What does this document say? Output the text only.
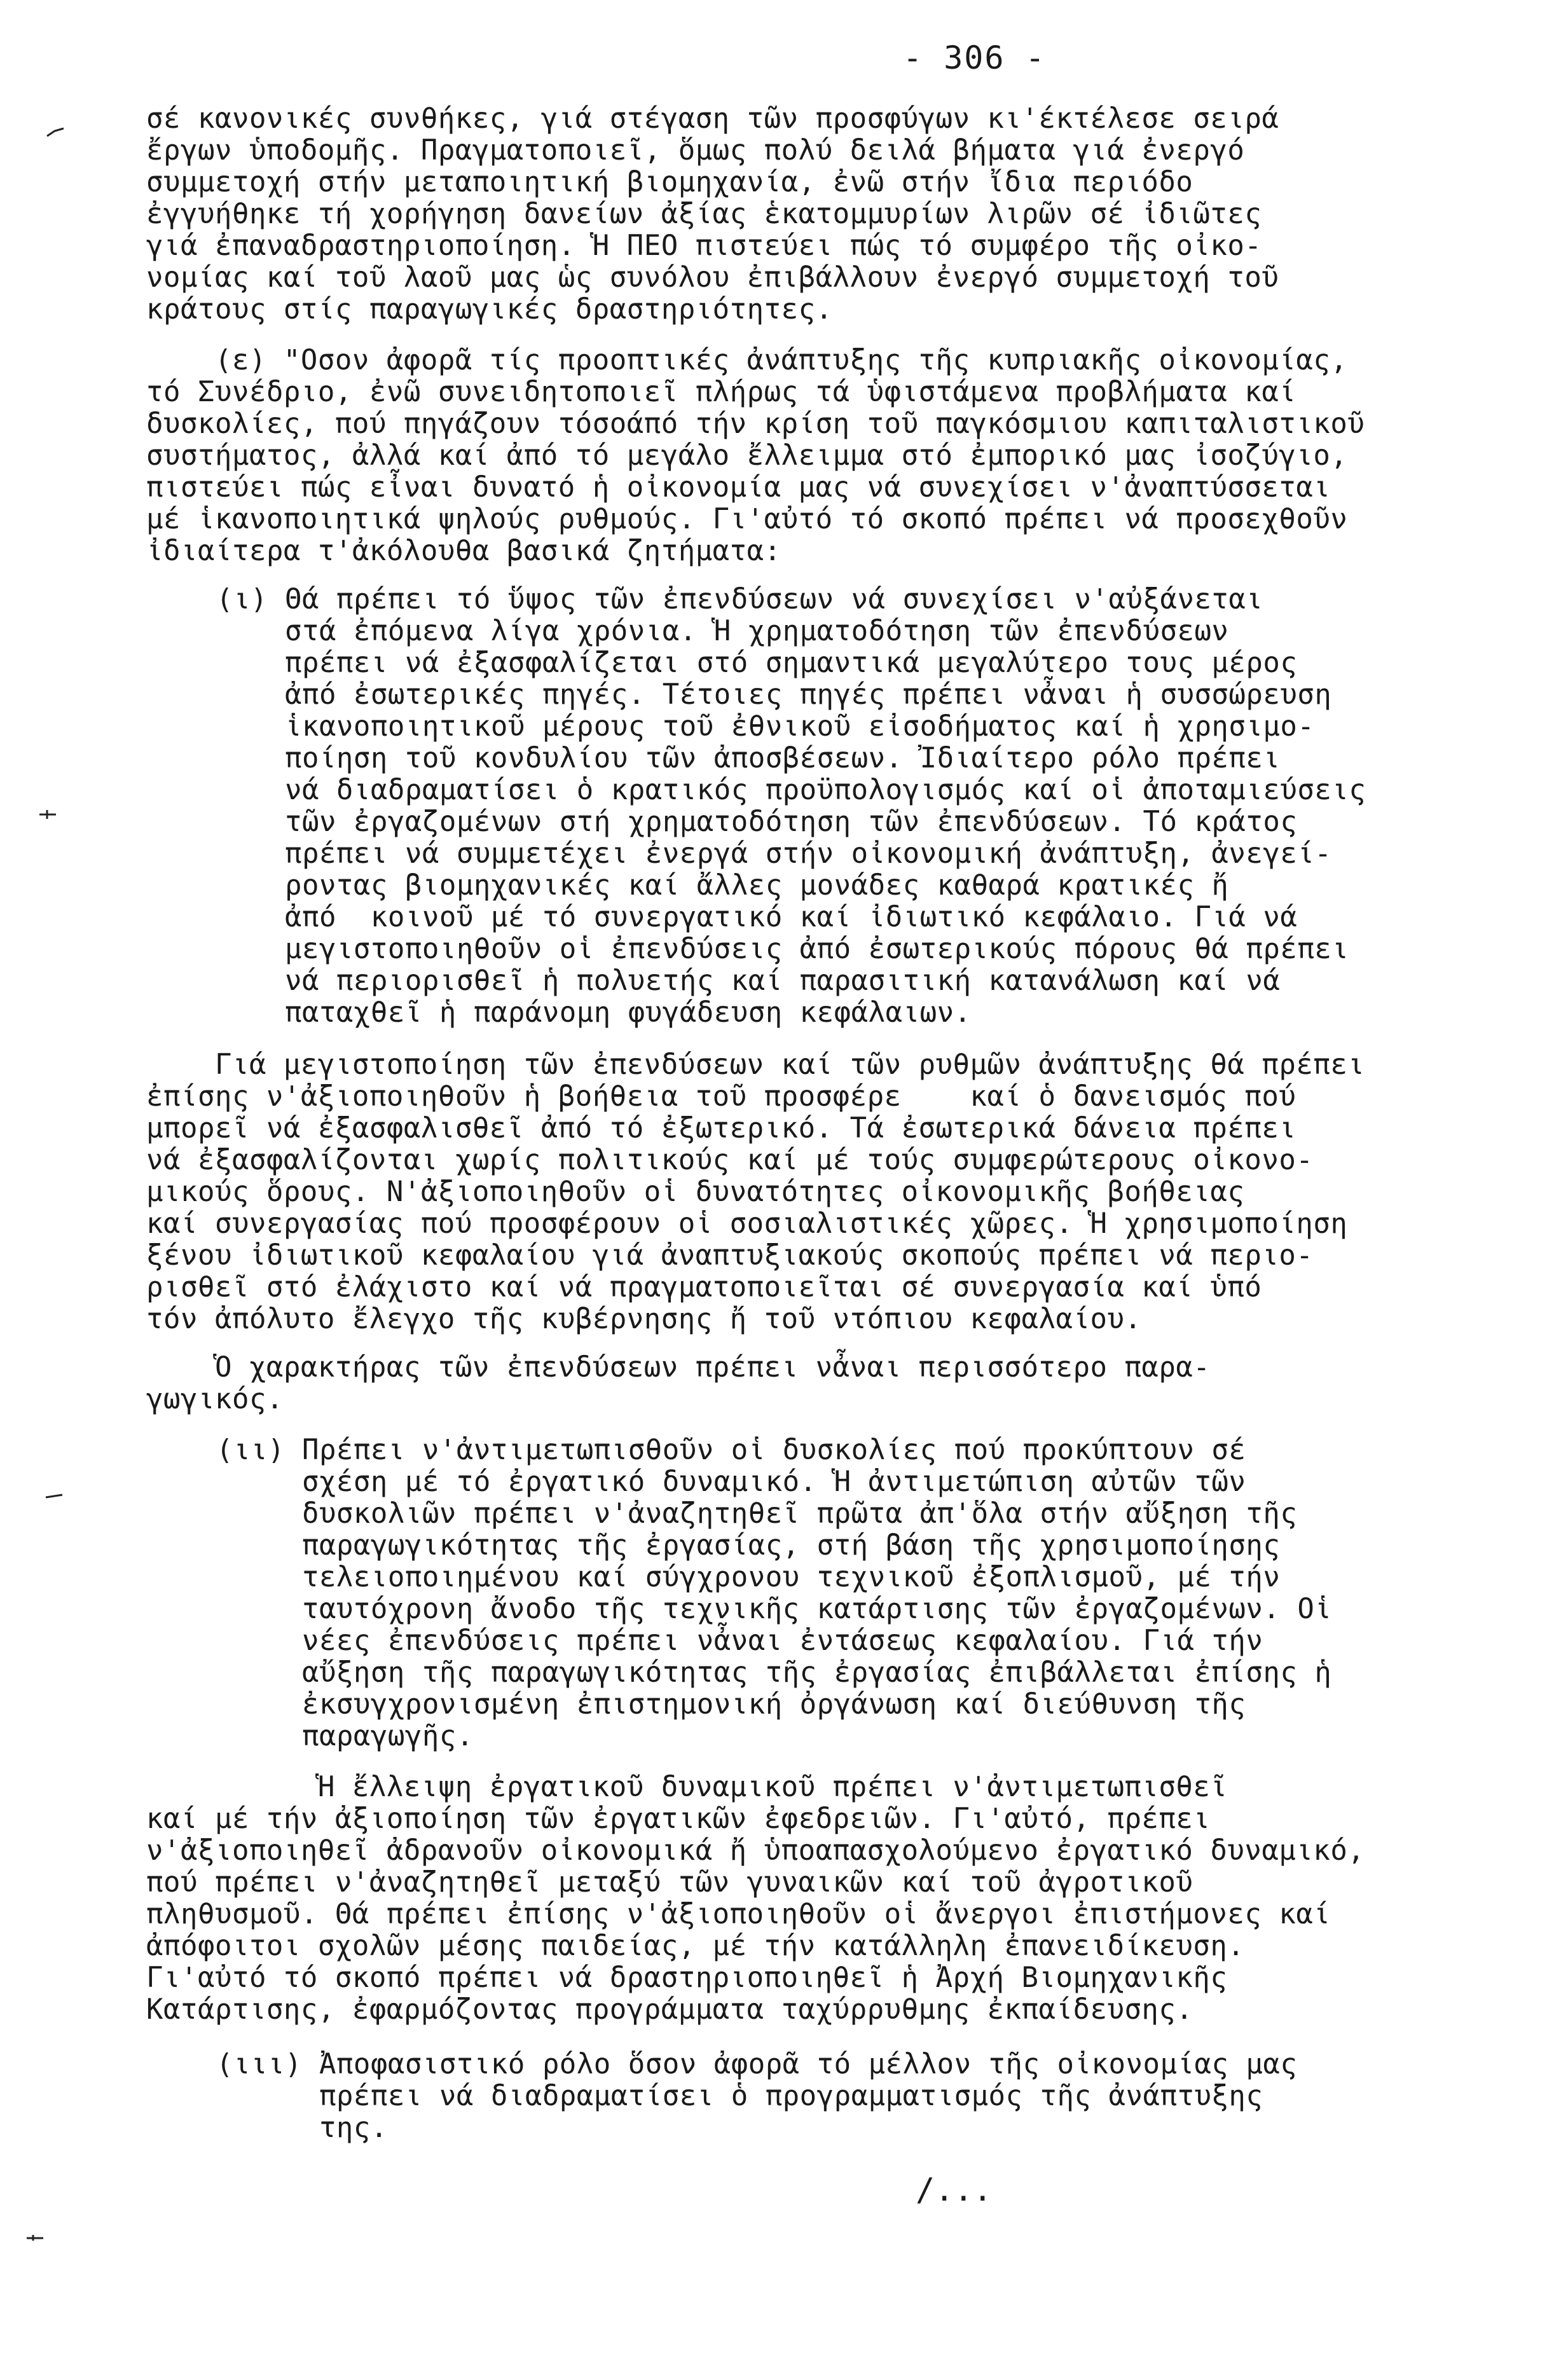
- 306 -
σέ κανονικές συνθήκες, γιά στέγαση τῶν προσφύγων κι'έκτέλεσε σειρά
ἔργων ὑποδομῆς. Πραγματοποιεῖ, ὅμως πολύ δειλά βήματα γιά ἐνεργό
συμμετοχή στήν μεταποιητική βιομηχανία, ἐνῶ στήν ἴδια περιόδο
ἐγγυήθηκε τή χορήγηση δανείων ἀξίας ἑκατομμυρίων λιρῶν σέ ἰδιῶτες
γιά ἐπαναδραστηριοποίηση. Ἡ ΠΕΟ πιστεύει πώς τό συμφέρο τῆς οἰκο-
νομίας καί τοῦ λαοῦ μας ὡς συνόλου ἐπιβάλλουν ἐνεργό συμμετοχή τοῦ
κράτους στίς παραγωγικές δραστηριότητες.
(ε) "Οσον ἀφορᾶ τίς προοπτικές ἀνάπτυξης τῆς κυπριακῆς οἰκονομίας,
τό Συνέδριο, ἐνῶ συνειδητοποιεῖ πλήρως τά ὑφιστάμενα προβλήματα καί
δυσκολίες, πού πηγάζουν τόσοάπό τήν κρίση τοῦ παγκόσμιου καπιταλιστικοῦ
συστήματος, ἀλλά καί ἀπό τό μεγάλο ἔλλειμμα στό ἐμπορικό μας ἰσοζύγιο,
πιστεύει πώς εἶναι δυνατό ἡ οἰκονομία μας νά συνεχίσει ν'ἀναπτύσσεται
μέ ἱκανοποιητικά ψηλούς ρυθμούς. Γι'αὐτό τό σκοπό πρέπει νά προσεχθοῦν
ἰδιαίτερα τ'ἀκόλουθα βασικά ζητήματα:
(ι) Θά πρέπει τό ὕψος τῶν ἐπενδύσεων νά συνεχίσει ν'αὐξάνεται
στά ἐπόμενα λίγα χρόνια. Ἡ χρηματοδότηση τῶν ἐπενδύσεων
πρέπει νά ἐξασφαλίζεται στό σημαντικά μεγαλύτερο τους μέρος
ἀπό ἐσωτερικές πηγές. Τέτοιες πηγές πρέπει νἆναι ἡ συσσώρευση
ἱκανοποιητικοῦ μέρους τοῦ ἐθνικοῦ εἰσοδήματος καί ἡ χρησιμο-
ποίηση τοῦ κονδυλίου τῶν ἀποσβέσεων. Ἰδιαίτερο ρόλο πρέπει
νά διαδραματίσει ὁ κρατικός προϋπολογισμός καί οἱ ἀποταμιεύσεις
τῶν ἐργαζομένων στή χρηματοδότηση τῶν ἐπενδύσεων. Τό κράτος
πρέπει νά συμμετέχει ἐνεργά στήν οἰκονομική ἀνάπτυξη, ἀνεγεί-
ροντας βιομηχανικές καί ἄλλες μονάδες καθαρά κρατικές ἤ
ἀπό  κοινοῦ μέ τό συνεργατικό καί ἰδιωτικό κεφάλαιο. Γιά νά
μεγιστοποιηθοῦν οἱ ἐπενδύσεις ἀπό ἐσωτερικούς πόρους θά πρέπει
νά περιορισθεῖ ἡ πολυετής καί παρασιτική κατανάλωση καί νά
παταχθεῖ ἡ παράνομη φυγάδευση κεφάλαιων.
Γιά μεγιστοποίηση τῶν ἐπενδύσεων καί τῶν ρυθμῶν ἀνάπτυξης θά πρέπει
ἐπίσης ν'ἀξιοποιηθοῦν ἡ βοήθεια τοῦ προσφέρε    καί ὁ δανεισμός πού
μπορεῖ νά ἐξασφαλισθεῖ ἀπό τό ἐξωτερικό. Τά ἐσωτερικά δάνεια πρέπει
νά ἐξασφαλίζονται χωρίς πολιτικούς καί μέ τούς συμφερώτερους οἰκονο-
μικούς ὅρους. Ν'ἀξιοποιηθοῦν οἱ δυνατότητες οἰκονομικῆς βοήθειας
καί συνεργασίας πού προσφέρουν οἱ σοσιαλιστικές χῶρες. Ἡ χρησιμοποίηση
ξένου ἰδιωτικοῦ κεφαλαίου γιά ἀναπτυξιακούς σκοπούς πρέπει νά περιο-
ρισθεῖ στό ἐλάχιστο καί νά πραγματοποιεῖται σέ συνεργασία καί ὑπό
τόν ἀπόλυτο ἔλεγχο τῆς κυβέρνησης ἤ τοῦ ντόπιου κεφαλαίου.
Ὁ χαρακτήρας τῶν ἐπενδύσεων πρέπει νἆναι περισσότερο παρα-
γωγικός.
(ιι) Πρέπει ν'ἀντιμετωπισθοῦν οἱ δυσκολίες πού προκύπτουν σέ
σχέση μέ τό ἐργατικό δυναμικό. Ἡ ἀντιμετώπιση αὐτῶν τῶν
δυσκολιῶν πρέπει ν'ἀναζητηθεῖ πρῶτα ἀπ'ὅλα στήν αὔξηση τῆς
παραγωγικότητας τῆς ἐργασίας, στή βάση τῆς χρησιμοποίησης
τελειοποιημένου καί σύγχρονου τεχνικοῦ ἐξοπλισμοῦ, μέ τήν
ταυτόχρονη ἄνοδο τῆς τεχνικῆς κατάρτισης τῶν ἐργαζομένων. Οἱ
νέες ἐπενδύσεις πρέπει νἆναι ἐντάσεως κεφαλαίου. Γιά τήν
αὔξηση τῆς παραγωγικότητας τῆς ἐργασίας ἐπιβάλλεται ἐπίσης ἡ
ἐκσυγχρονισμένη ἐπιστημονική ὀργάνωση καί διεύθυνση τῆς
παραγωγῆς.
Ἡ ἔλλειψη ἐργατικοῦ δυναμικοῦ πρέπει ν'ἀντιμετωπισθεῖ
καί μέ τήν ἀξιοποίηση τῶν ἐργατικῶν ἐφεδρειῶν. Γι'αὐτό, πρέπει
ν'ἀξιοποιηθεῖ ἀδρανοῦν οἰκονομικά ἤ ὑποαπασχολούμενο ἐργατικό δυναμικό,
πού πρέπει ν'ἀναζητηθεῖ μεταξύ τῶν γυναικῶν καί τοῦ ἀγροτικοῦ
πληθυσμοῦ. Θά πρέπει ἐπίσης ν'ἀξιοποιηθοῦν οἱ ἄνεργοι ἐπιστήμονες καί
ἀπόφοιτοι σχολῶν μέσης παιδείας, μέ τήν κατάλληλη ἐπανειδίκευση.
Γι'αὐτό τό σκοπό πρέπει νά δραστηριοποιηθεῖ ἡ Ἀρχή Βιομηχανικῆς
Κατάρτισης, ἐφαρμόζοντας προγράμματα ταχύρρυθμης ἐκπαίδευσης.
(ιιι) Ἀποφασιστικό ρόλο ὅσον ἀφορᾶ τό μέλλον τῆς οἰκονομίας μας
πρέπει νά διαδραματίσει ὁ προγραμματισμός τῆς ἀνάπτυξης
της.
/...
